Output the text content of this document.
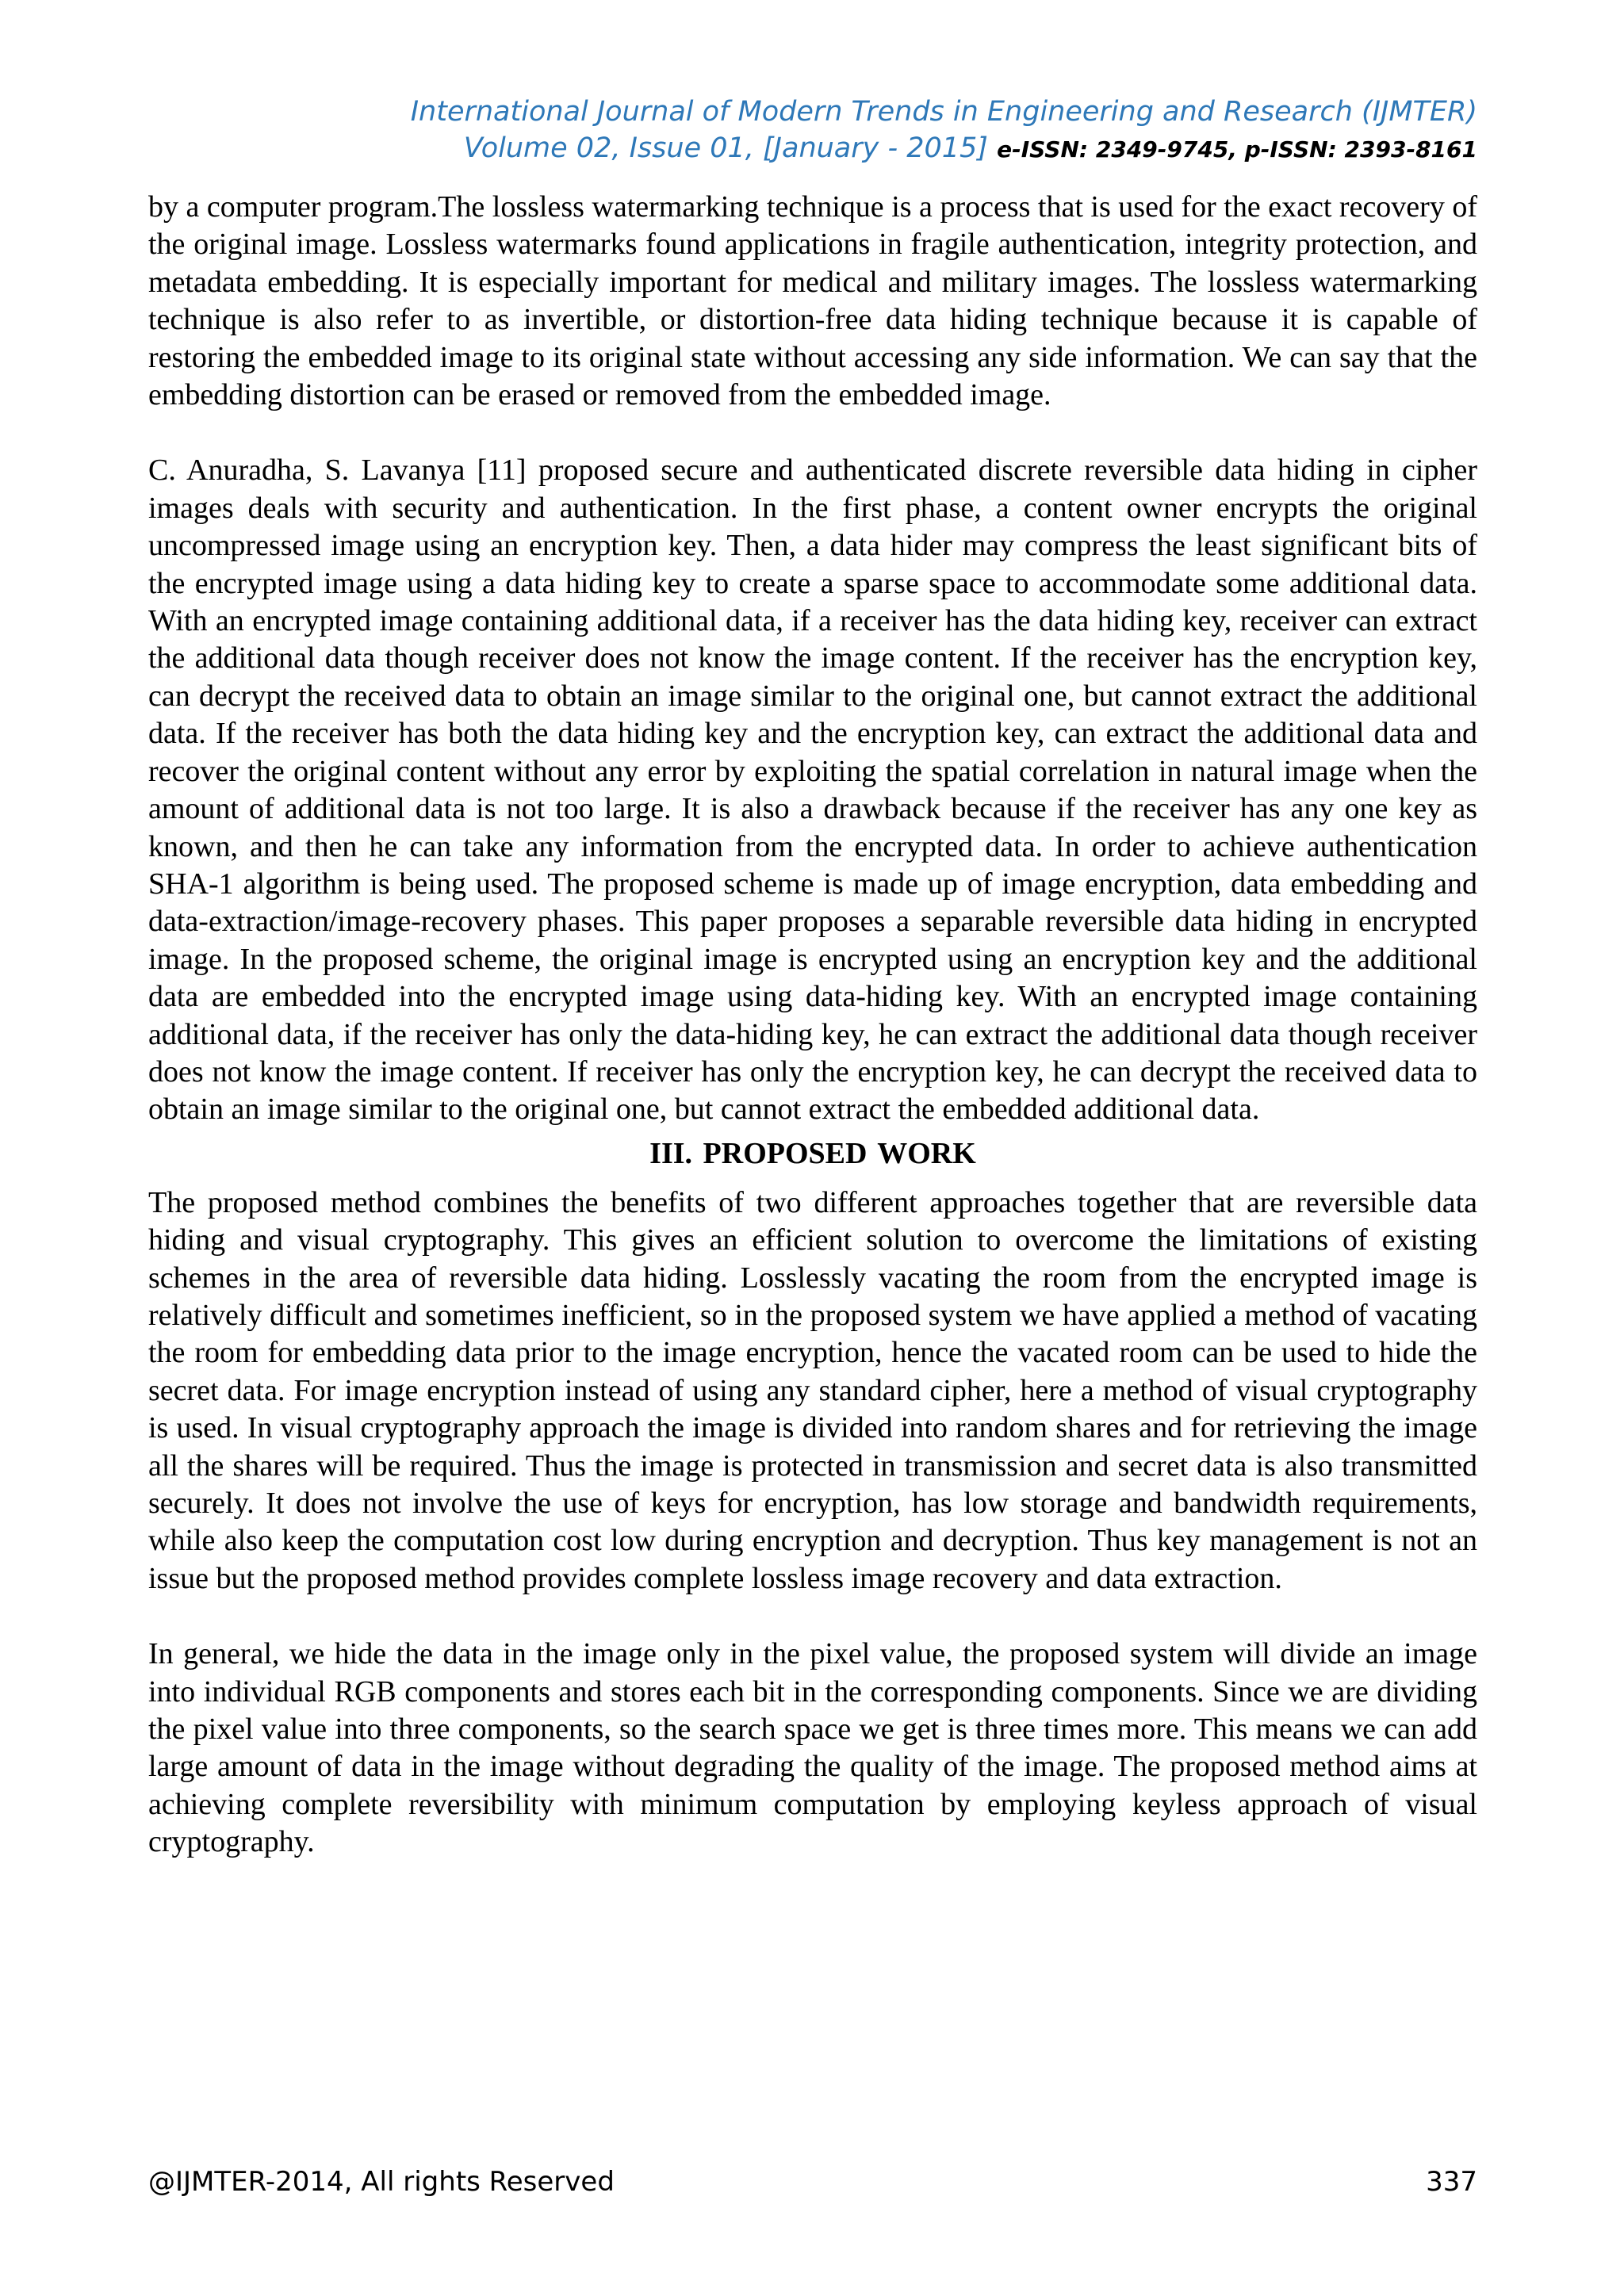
International Journal of Modern Trends in Engineering and Research (IJMTER)
Volume 02, Issue 01, [January - 2015] e-ISSN: 2349-9745, p-ISSN: 2393-8161

by a computer program.The lossless watermarking technique is a process that is used for the exact recovery of the original image. Lossless watermarks found applications in fragile authentication, integrity protection, and metadata embedding. It is especially important for medical and military images. The lossless watermarking technique is also refer to as invertible, or distortion-free data hiding technique because it is capable of restoring the embedded image to its original state without accessing any side information. We can say that the embedding distortion can be erased or removed from the embedded image.

C. Anuradha, S. Lavanya [11] proposed secure and authenticated discrete reversible data hiding in cipher images deals with security and authentication. In the first phase, a content owner encrypts the original uncompressed image using an encryption key. Then, a data hider may compress the least significant bits of the encrypted image using a data hiding key to create a sparse space to accommodate some additional data. With an encrypted image containing additional data, if a receiver has the data hiding key, receiver can extract the additional data though receiver does not know the image content. If the receiver has the encryption key, can decrypt the received data to obtain an image similar to the original one, but cannot extract the additional data. If the receiver has both the data hiding key and the encryption key, can extract the additional data and recover the original content without any error by exploiting the spatial correlation in natural image when the amount of additional data is not too large. It is also a drawback because if the receiver has any one key as known, and then he can take any information from the encrypted data. In order to achieve authentication SHA-1 algorithm is being used. The proposed scheme is made up of image encryption, data embedding and data-extraction/image-recovery phases. This paper proposes a separable reversible data hiding in encrypted image. In the proposed scheme, the original image is encrypted using an encryption key and the additional data are embedded into the encrypted image using data-hiding key. With an encrypted image containing additional data, if the receiver has only the data-hiding key, he can extract the additional data though receiver does not know the image content. If receiver has only the encryption key, he can decrypt the received data to obtain an image similar to the original one, but cannot extract the embedded additional data.

III. PROPOSED WORK

The proposed method combines the benefits of two different approaches together that are reversible data hiding and visual cryptography. This gives an efficient solution to overcome the limitations of existing schemes in the area of reversible data hiding. Losslessly vacating the room from the encrypted image is relatively difficult and sometimes inefficient, so in the proposed system we have applied a method of vacating the room for embedding data prior to the image encryption, hence the vacated room can be used to hide the secret data. For image encryption instead of using any standard cipher, here a method of visual cryptography is used. In visual cryptography approach the image is divided into random shares and for retrieving the image all the shares will be required. Thus the image is protected in transmission and secret data is also transmitted securely. It does not involve the use of keys for encryption, has low storage and bandwidth requirements, while also keep the computation cost low during encryption and decryption. Thus key management is not an issue but the proposed method provides complete lossless image recovery and data extraction.

In general, we hide the data in the image only in the pixel value, the proposed system will divide an image into individual RGB components and stores each bit in the corresponding components. Since we are dividing the pixel value into three components, so the search space we get is three times more. This means we can add large amount of data in the image without degrading the quality of the image. The proposed method aims at achieving complete reversibility with minimum computation by employing keyless approach of visual cryptography.

@IJMTER-2014, All rights Reserved	337
